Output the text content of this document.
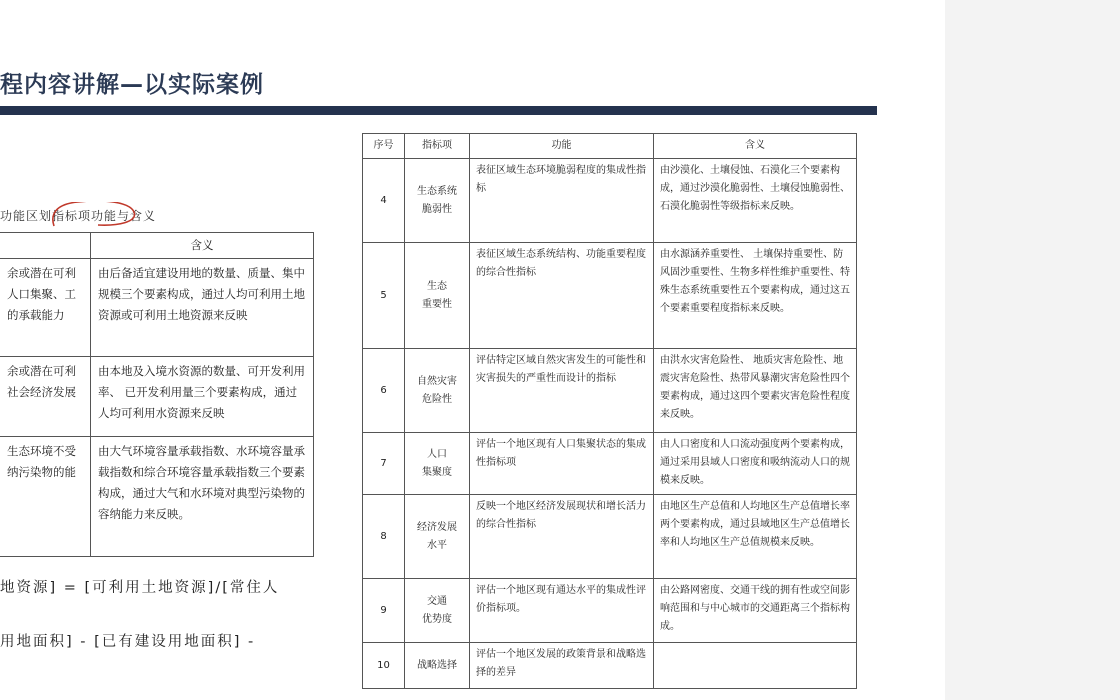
程内容讲解—以实际案例
功能区划指标项功能与含义
	含义
余或潜在可利
人口集聚、工
的承载能力	由后备适宜建设用地的数量、质量、集中规模三个要素构成，通过人均可利用土地资源或可利用土地资源来反映
余或潜在可利
社会经济发展	由本地及入境水资源的数量、可开发利用率、 已开发利用量三个要素构成，通过人均可利用水资源来反映
生态环境不受
纳污染物的能	由大气环境容量承载指数、水环境容量承载指数和综合环境容量承载指数三个要素构成，通过大气和水环境对典型污染物的容纳能力来反映。
地资源] = [可利用土地资源]/[常住人
用地面积] - [已有建设用地面积] -
序号	指标项	功能	含义
4	生态系统
脆弱性	表征区域生态环境脆弱程度的集成性指标	由沙漠化、土壤侵蚀、石漠化三个要素构成，通过沙漠化脆弱性、土壤侵蚀脆弱性、石漠化脆弱性等级指标来反映。
5	生态
重要性	表征区域生态系统结构、功能重要程度的综合性指标	由水源涵养重要性、 土壤保持重要性、防风固沙重要性、生物多样性维护重要性、特殊生态系统重要性五个要素构成，通过这五个要素重要程度指标来反映。
6	自然灾害
危险性	评估特定区域自然灾害发生的可能性和灾害损失的严重性而设计的指标	由洪水灾害危险性、 地质灾害危险性、地震灾害危险性、热带风暴潮灾害危险性四个要素构成，通过这四个要素灾害危险性程度来反映。
7	人口
集聚度	评估一个地区现有人口集聚状态的集成性指标项	由人口密度和人口流动强度两个要素构成，通过采用县域人口密度和吸纳流动人口的规模来反映。
8	经济发展
水平	反映一个地区经济发展现状和增长活力的综合性指标	由地区生产总值和人均地区生产总值增长率两个要素构成，通过县域地区生产总值增长率和人均地区生产总值规模来反映。
9	交通
优势度	评估一个地区现有通达水平的集成性评价指标项。	由公路网密度、交通干线的拥有性或空间影响范围和与中心城市的交通距离三个指标构成。
10	战略选择	评估一个地区发展的政策背景和战略选择的差异	
